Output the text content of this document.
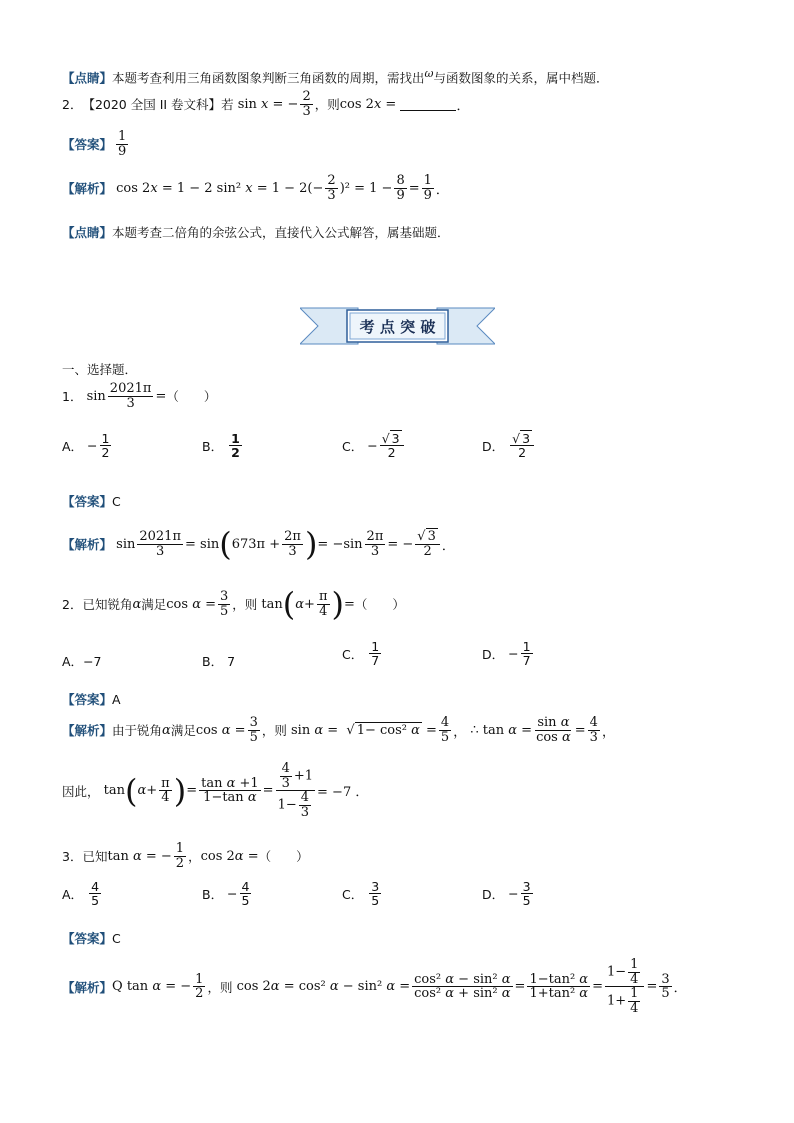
【点睛】本题考查利用三角函数图象判断三角函数的周期，需找出$^\omega$与函数图象的关系，属中档题．
2． 【2020 全国 II 卷文科】 若 sin x = − $\frac{2}{3}$ ，则 cos 2x =	．
【答案】 $\frac{1}{9}$
【解析】 cos 2x = 1 − 2 sin² $x = 1 - 2(- \frac{2}{3} )^2 = 1 - \frac{8}{9} = \frac{1}{9}$ ．
【点睛】本题考查二倍角的余弦公式，直接代入公式解答，属基础题．
考 点 突 破
一、选择题．
1． $\sin \frac{2021\pi}{3}$ = （　　）
A． − $\frac{1}{2}$	B． $\frac{1}{2}$	C． − $\frac{√ 3}{2}$	D． $\frac{√ 3}{2}$
【答案】 C
【解析】 $\sin \frac{2021\pi}{3} = \sin$ ( $673\pi + \frac{2\pi}{3}$ ) = $-\sin \frac{2\pi}{3}$ = − $\frac{√ 3}{2}$ ．
2． 已知锐角 α 满足 $\cos \alpha = \frac{3}{5}$ ，则 tan ( $\alpha + \frac{\pi}{4}$ ) = （　　）
A． −7	B．
7	C． $\frac{1}{7}$	D． − $\frac{1}{7}$
【答案】 A
【解析】 由于锐角 α 满足 $\cos \alpha = \frac{3}{5}$ ，则 sin α =  √ 1− cos² $\alpha = \frac{4}{5}$ ， ∴ $\tan \alpha = \frac{\text{sin α}}{\text{cos α}} = \frac{4}{3}$ ，
因此， tan ( $\alpha + \frac{\pi}{4}$ ) = $\frac{\text{tan α +1}}{\text{1−tan α}} = \frac{\frac{4}{3} +1}{1- \frac{4}{3}} = -7$ ．
3． 已知 tan α = − $\frac{1}{2}$ ， cos 2α = （　　）
A． $\frac{4}{5}$	B． − $\frac{4}{5}$	C． $\frac{3}{5}$	D． − $\frac{3}{5}$
【答案】 C
【解析】 Q tan α = − $\frac{1}{2}$ ，则 cos 2α = cos² α − sin² $\alpha = \frac{\text{cos² α − sin² α}}{\text{cos² α + sin² α}} = \frac{\text{1−tan² α}}{\text{1+tan² α}} = \frac{1- \frac{1}{4}}{1+ \frac{1}{4}} = \frac{3}{5}$ ．
